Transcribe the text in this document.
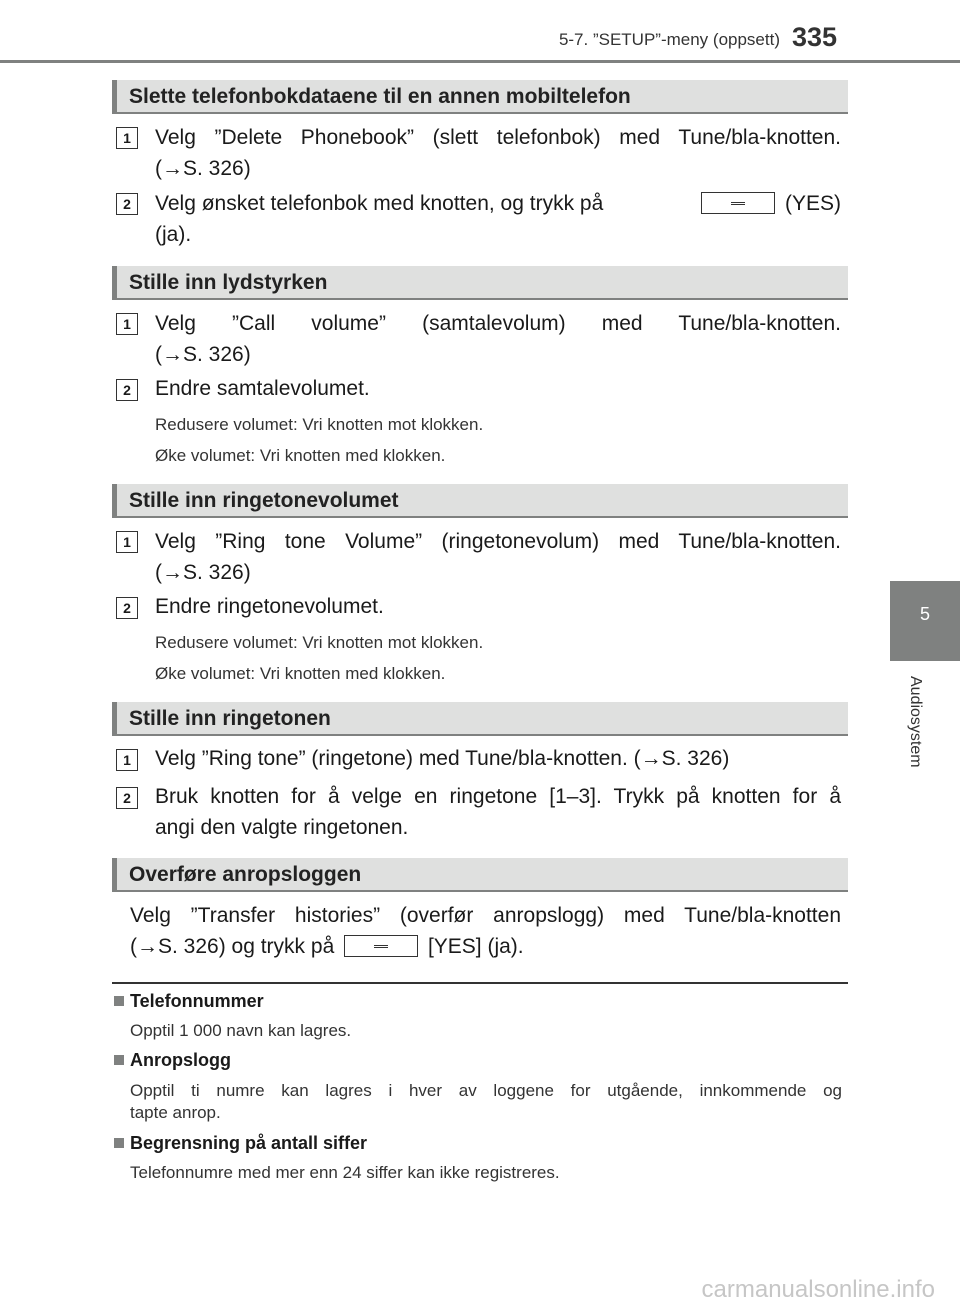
5-7. ”SETUP”-meny (oppsett) 335
5
Audiosystem
Slette telefonbokdataene til en annen mobiltelefon
1	Velg ”Delete Phonebook” (slett telefonbok) med Tune/bla-knotten.
(→S. 326)
2	Velg ønsket telefonbok med knotten, og trykk på	(YES)
(ja).
Stille inn lydstyrken
1	Velg ”Call volume” (samtalevolum) med Tune/bla-knotten.
(→S. 326)
2	Endre samtalevolumet.
Redusere volumet: Vri knotten mot klokken.
Øke volumet: Vri knotten med klokken.
Stille inn ringetonevolumet
1	Velg ”Ring tone Volume” (ringetonevolum) med Tune/bla-knotten.
(→S. 326)
2	Endre ringetonevolumet.
Redusere volumet: Vri knotten mot klokken.
Øke volumet: Vri knotten med klokken.
Stille inn ringetonen
1	Velg ”Ring tone” (ringetone) med Tune/bla-knotten. (→S. 326)
2	Bruk knotten for å velge en ringetone [1–3]. Trykk på knotten for å
angi den valgte ringetonen.
Overføre anropsloggen
Velg ”Transfer histories” (overfør anropslogg) med Tune/bla-knotten
(→S. 326) og trykk på	[YES] (ja).
Telefonnummer
Opptil 1 000 navn kan lagres.
Anropslogg
Opptil ti numre kan lagres i hver av loggene for utgående, innkommende og
tapte anrop.
Begrensning på antall siffer
Telefonnumre med mer enn 24 siffer kan ikke registreres.
carmanualsonline.info
